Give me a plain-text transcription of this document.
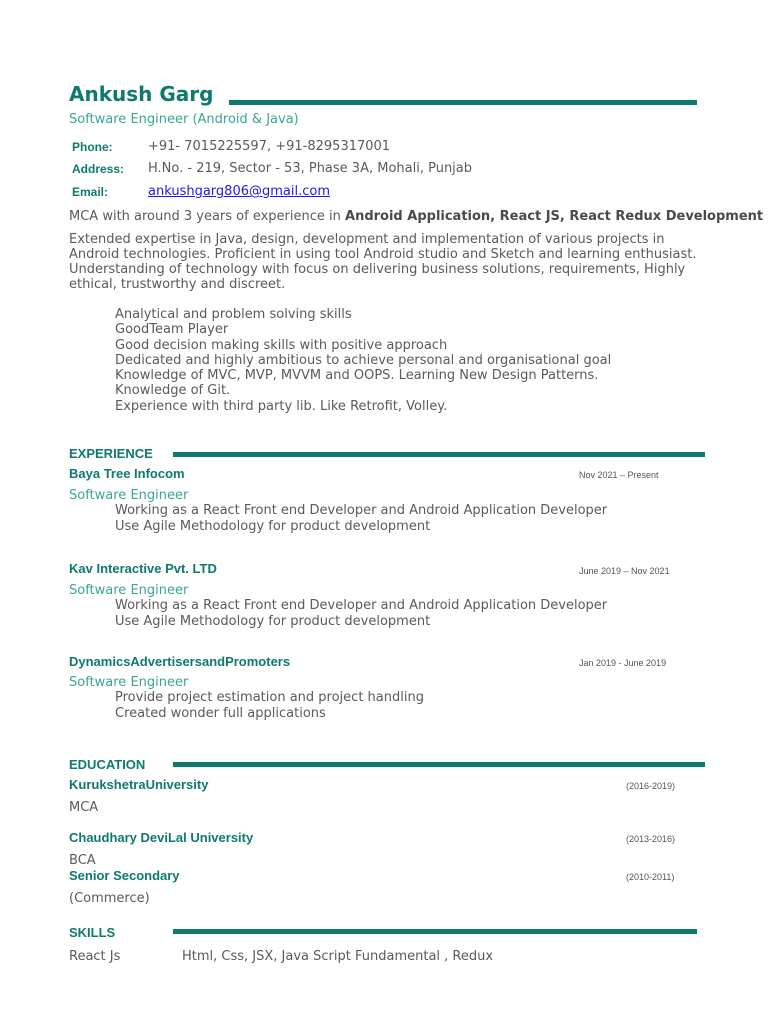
Ankush Garg
Software Engineer (Android & Java)
Phone:	+91- 7015225597, +91-8295317001
Address: H.No. - 219, Sector - 53, Phase 3A, Mohali, Punjab
Email:	ankushgarg806@gmail.com
MCA with around 3 years of experience in Android Application, React JS, React Redux Development
Extended expertise in Java, design, development and implementation of various projects in
Android technologies. Proficient in using tool Android studio and Sketch and learning enthusiast.
Understanding of technology with focus on delivering business solutions, requirements, Highly
ethical, trustworthy and discreet.
Analytical and problem solving skills
GoodTeam Player
Good decision making skills with positive approach
Dedicated and highly ambitious to achieve personal and organisational goal
Knowledge of MVC, MVP, MVVM and OOPS. Learning New Design Patterns.
Knowledge of Git.
Experience with third party lib. Like Retrofit, Volley.
EXPERIENCE
Baya Tree Infocom	Nov 2021 – Present
Software Engineer
Working as a React Front end Developer and Android Application Developer
Use Agile Methodology for product development
Kav Interactive Pvt. LTD	June 2019 – Nov 2021
Software Engineer
Working as a React Front end Developer and Android Application Developer
Use Agile Methodology for product development
DynamicsAdvertisersandPromoters	Jan 2019 - June 2019
Software Engineer
Provide project estimation and project handling
Created wonder full applications
EDUCATION
KurukshetraUniversity	(2016-2019)
MCA
Chaudhary DeviLal University	(2013-2016)
BCA
Senior Secondary	(2010-2011)
(Commerce)
SKILLS
React Js	Html, Css, JSX, Java Script Fundamental , Redux
